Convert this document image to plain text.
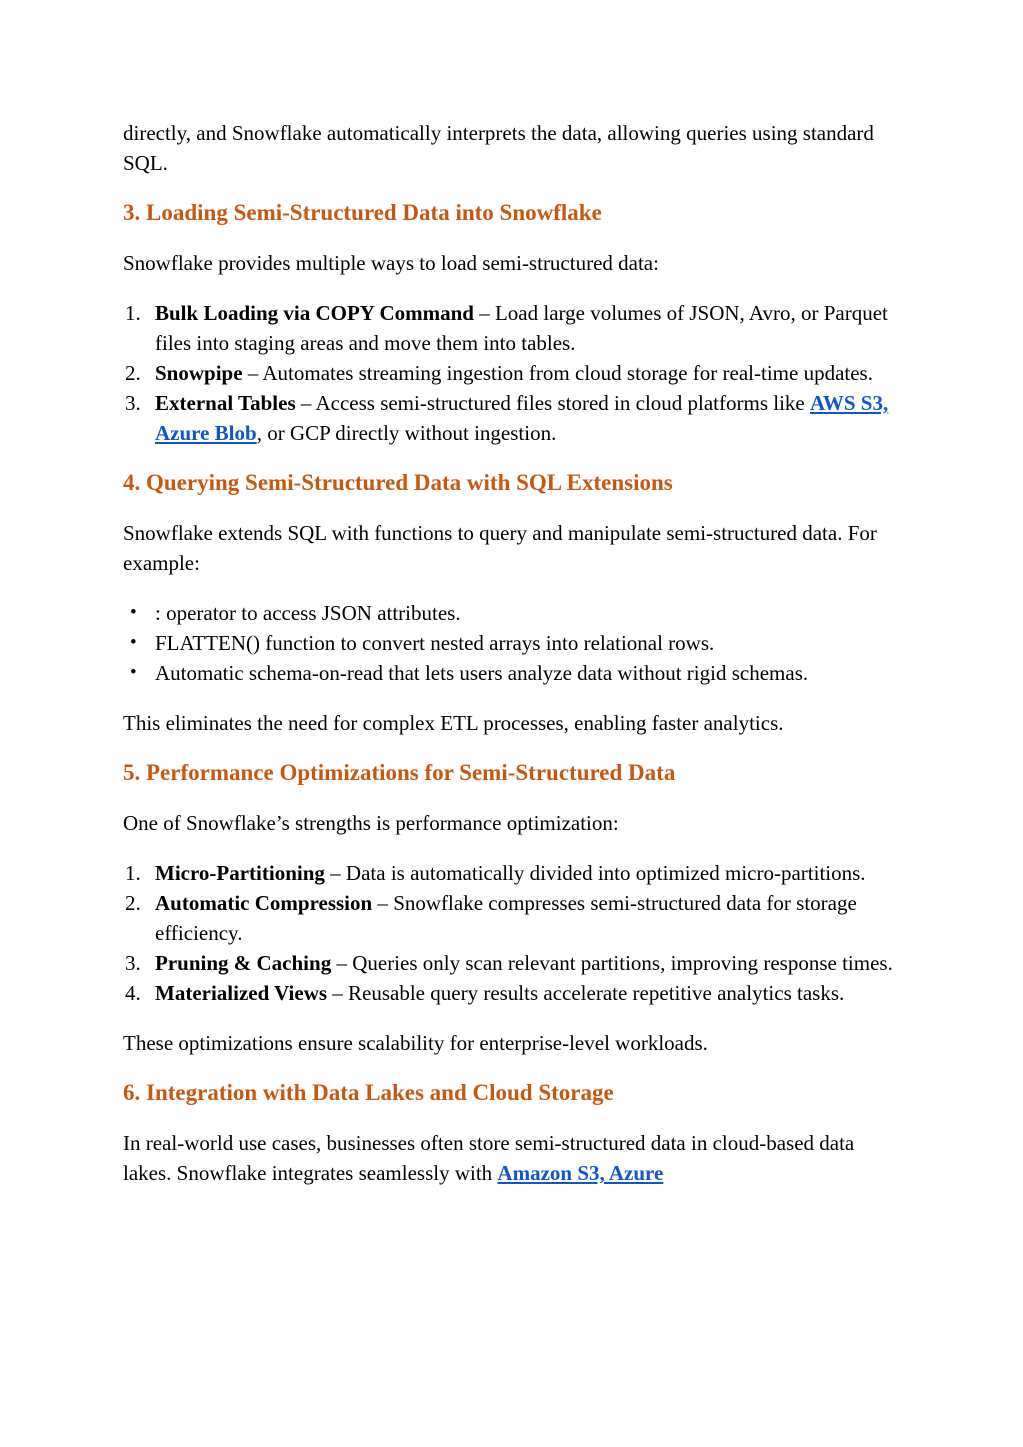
directly, and Snowflake automatically interprets the data, allowing queries using standard SQL.

3. Loading Semi-Structured Data into Snowflake

Snowflake provides multiple ways to load semi-structured data:

1. Bulk Loading via COPY Command – Load large volumes of JSON, Avro, or Parquet files into staging areas and move them into tables.
2. Snowpipe – Automates streaming ingestion from cloud storage for real-time updates.
3. External Tables – Access semi-structured files stored in cloud platforms like AWS S3, Azure Blob, or GCP directly without ingestion.
4. Querying Semi-Structured Data with SQL Extensions

Snowflake extends SQL with functions to query and manipulate semi-structured data. For example:

• : operator to access JSON attributes.
• FLATTEN() function to convert nested arrays into relational rows.
• Automatic schema-on-read that lets users analyze data without rigid schemas.

This eliminates the need for complex ETL processes, enabling faster analytics.

5. Performance Optimizations for Semi-Structured Data

One of Snowflake’s strengths is performance optimization:

1. Micro-Partitioning – Data is automatically divided into optimized micro-partitions.
2. Automatic Compression – Snowflake compresses semi-structured data for storage efficiency.
3. Pruning & Caching – Queries only scan relevant partitions, improving response times.
4. Materialized Views – Reusable query results accelerate repetitive analytics tasks.

These optimizations ensure scalability for enterprise-level workloads.

6. Integration with Data Lakes and Cloud Storage

In real-world use cases, businesses often store semi-structured data in cloud-based data lakes. Snowflake integrates seamlessly with Amazon S3, Azure
